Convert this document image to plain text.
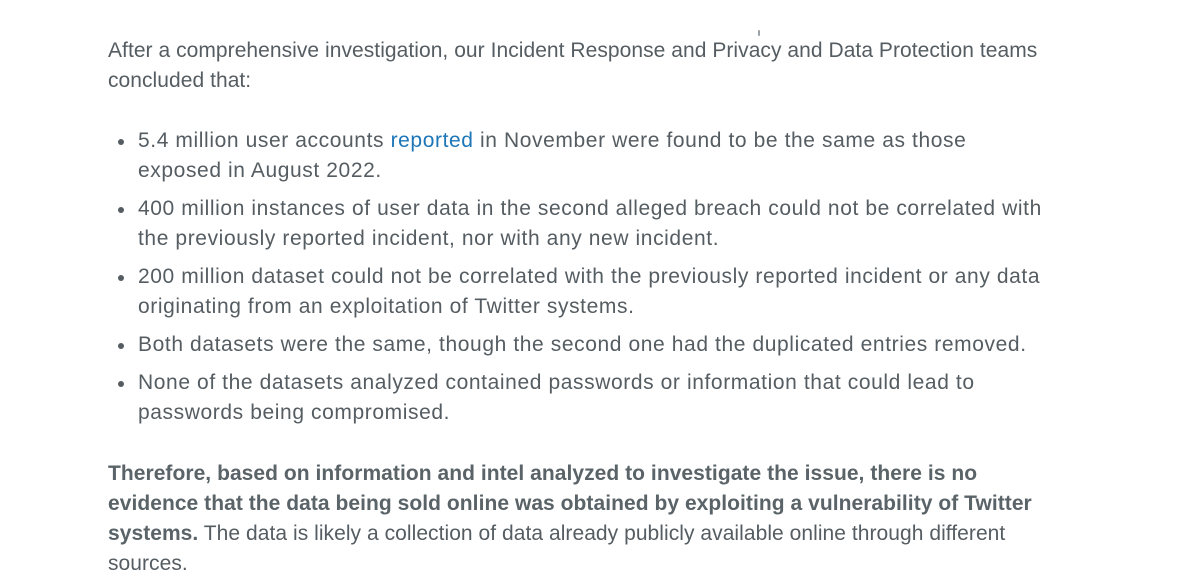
After a comprehensive investigation, our Incident Response and Privacy and Data Protection teams concluded that:

5.4 million user accounts reported in November were found to be the same as those exposed in August 2022.
400 million instances of user data in the second alleged breach could not be correlated with the previously reported incident, nor with any new incident.
200 million dataset could not be correlated with the previously reported incident or any data originating from an exploitation of Twitter systems.
Both datasets were the same, though the second one had the duplicated entries removed.
None of the datasets analyzed contained passwords or information that could lead to passwords being compromised.

Therefore, based on information and intel analyzed to investigate the issue, there is no evidence that the data being sold online was obtained by exploiting a vulnerability of Twitter systems. The data is likely a collection of data already publicly available online through different sources.
